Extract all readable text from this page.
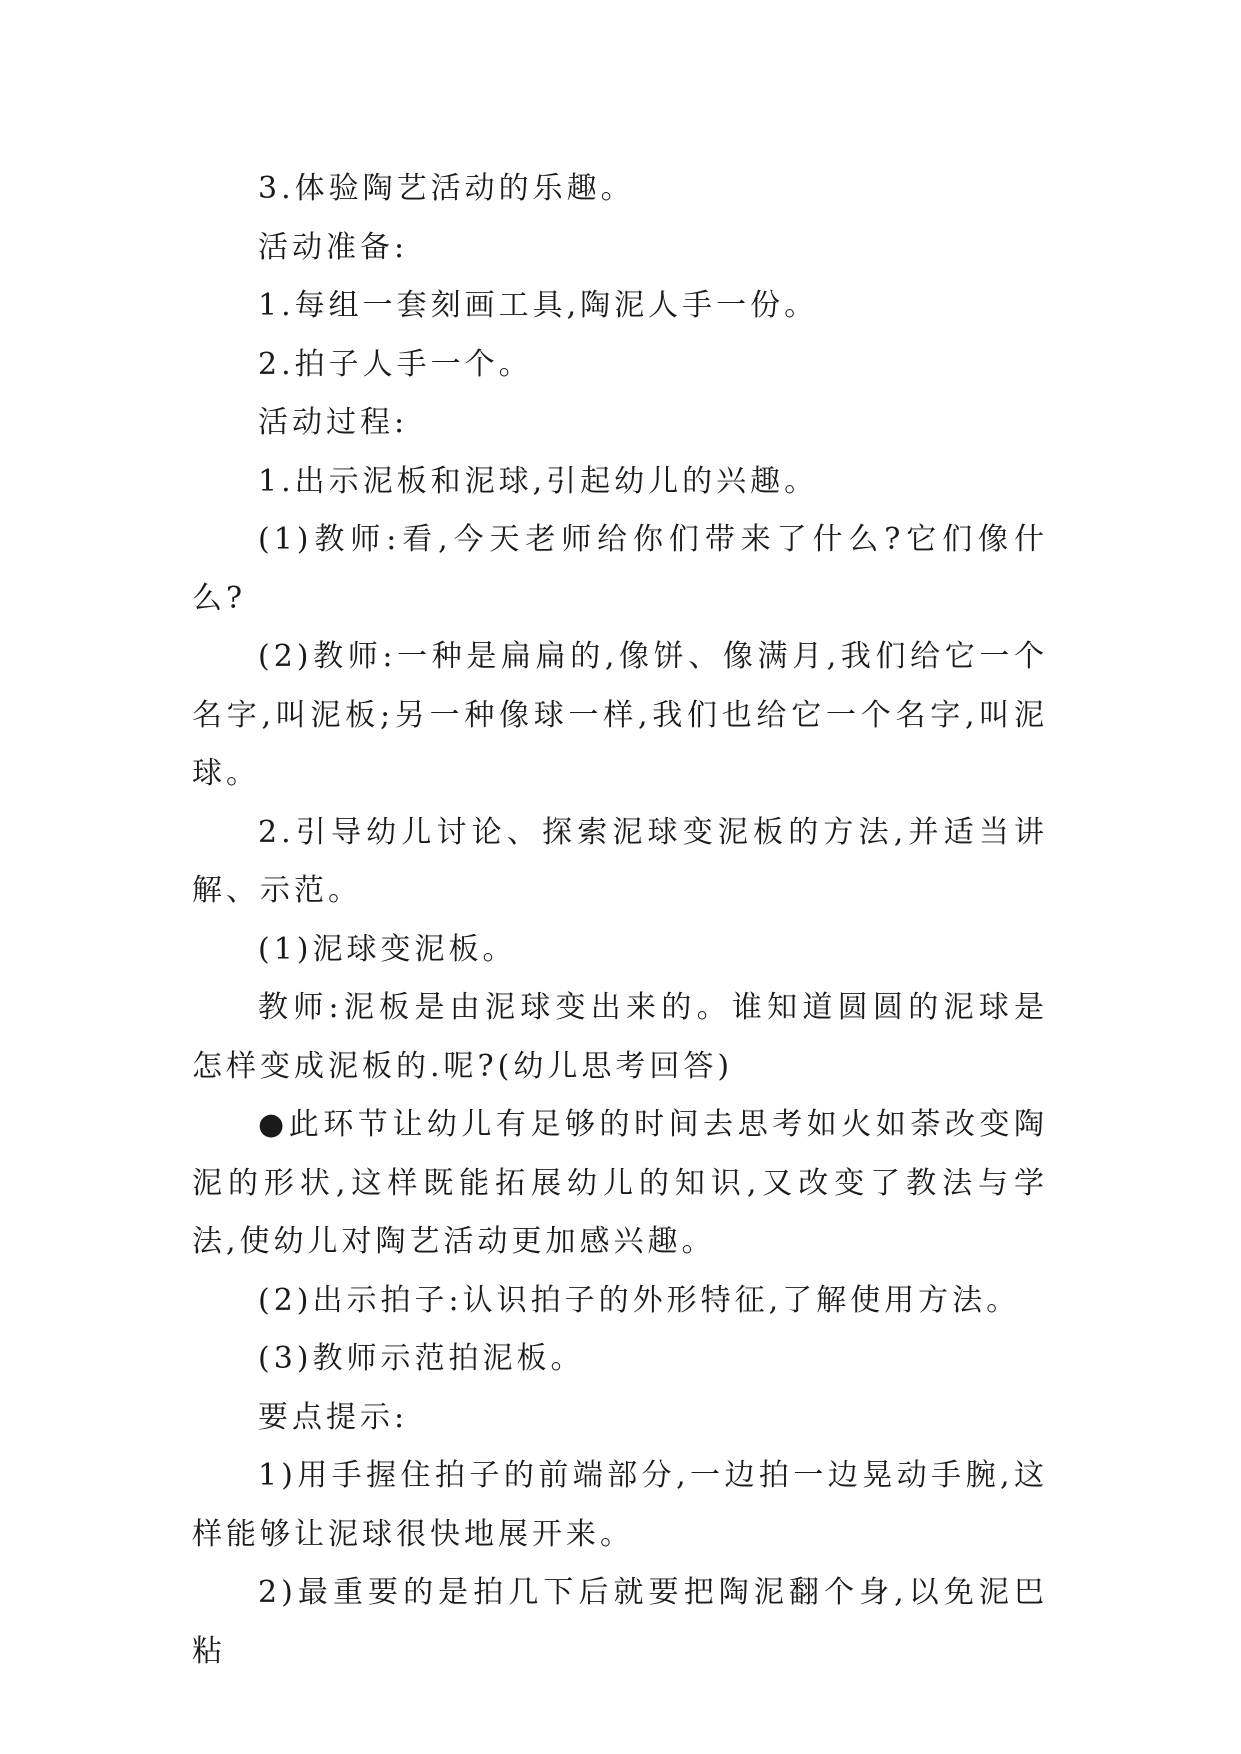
3.体验陶艺活动的乐趣。

活动准备:

1.每组一套刻画工具,陶泥人手一份。

2.拍子人手一个。

活动过程:

1.出示泥板和泥球,引起幼儿的兴趣。

(1)教师:看,今天老师给你们带来了什么?它们像什么?

(2)教师:一种是扁扁的,像饼、像满月,我们给它一个名字,叫泥板;另一种像球一样,我们也给它一个名字,叫泥球。

2.引导幼儿讨论、探索泥球变泥板的方法,并适当讲解、示范。

(1)泥球变泥板。

教师:泥板是由泥球变出来的。谁知道圆圆的泥球是怎样变成泥板的.呢?(幼儿思考回答)

●此环节让幼儿有足够的时间去思考如火如荼改变陶泥的形状,这样既能拓展幼儿的知识,又改变了教法与学法,使幼儿对陶艺活动更加感兴趣。

(2)出示拍子:认识拍子的外形特征,了解使用方法。

(3)教师示范拍泥板。

要点提示:

1)用手握住拍子的前端部分,一边拍一边晃动手腕,这样能够让泥球很快地展开来。

2)最重要的是拍几下后就要把陶泥翻个身,以免泥巴粘
